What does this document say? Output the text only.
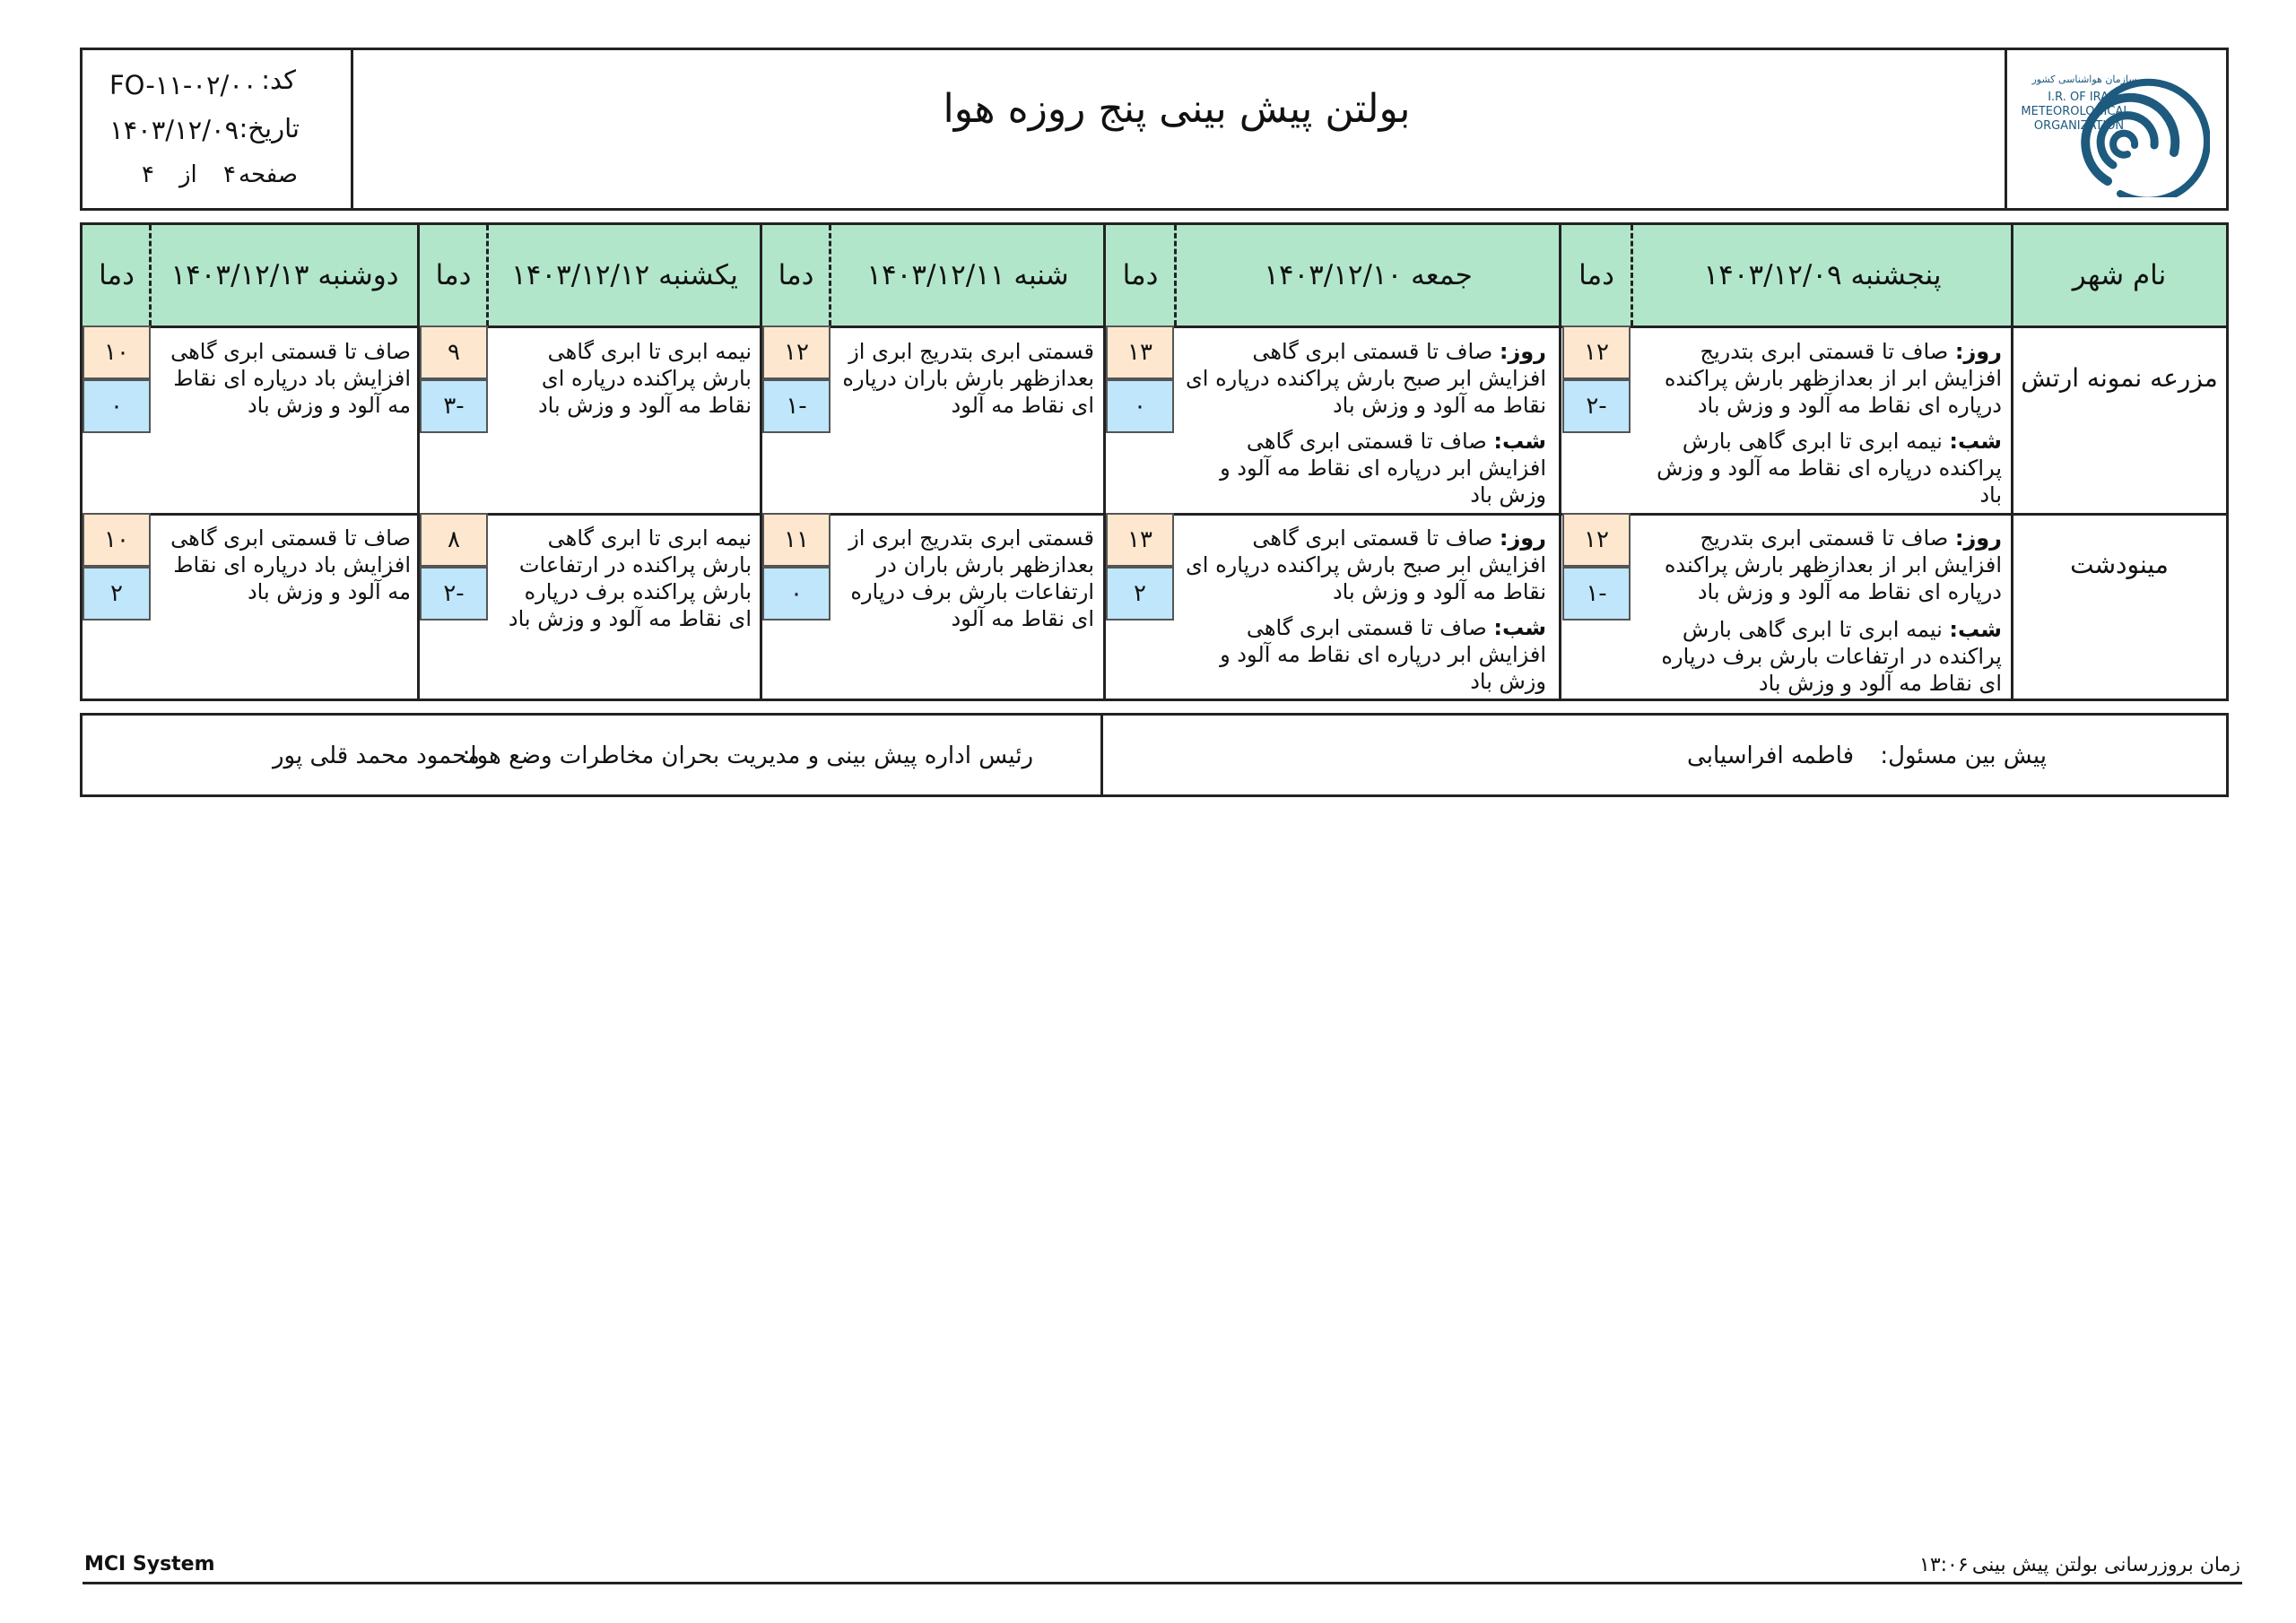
کد:
FO-۱۱-۰۲/۰۰
تاریخ:
۱۴۰۳/۱۲/۰۹
صفحه
۴
از
۴
بولتن پیش بینی پنج روزه هوا
سازمان هواشناسی کشور
I.R. OF IRAN
METEOROLOGICAL
ORGANIZATION
نام شهر
پنجشنبه ۱۴۰۳/۱۲/۰۹
دما
جمعه ۱۴۰۳/۱۲/۱۰
دما
شنبه ۱۴۰۳/۱۲/۱۱
دما
یکشنبه ۱۴۰۳/۱۲/۱۲
دما
دوشنبه ۱۴۰۳/۱۲/۱۳
دما
مزرعه نمونه ارتش
روز: صاف تا قسمتی ابری بتدریج افزایش ابر از بعدازظهر بارش پراکنده درپاره ای نقاط مه آلود و وزش باد
شب: نیمه ابری تا ابری گاهی بارش پراکنده درپاره ای نقاط مه آلود و وزش باد
۱۲
-۲
روز: صاف تا قسمتی ابری گاهی افزایش ابر صبح بارش پراکنده درپاره ای نقاط مه آلود و وزش باد
شب: صاف تا قسمتی ابری گاهی افزایش ابر درپاره ای نقاط مه آلود و وزش باد
۱۳
۰
قسمتی ابری بتدریج ابری از بعدازظهر بارش باران درپاره ای نقاط مه آلود
۱۲
-۱
نیمه ابری تا ابری گاهی بارش پراکنده درپاره ای نقاط مه آلود و وزش باد
۹
-۳
صاف تا قسمتی ابری گاهی افزایش باد درپاره ای نقاط مه آلود و وزش باد
۱۰
۰
مینودشت
روز: صاف تا قسمتی ابری بتدریج افزایش ابر از بعدازظهر بارش پراکنده درپاره ای نقاط مه آلود و وزش باد
شب: نیمه ابری تا ابری گاهی بارش پراکنده در ارتفاعات بارش برف درپاره ای نقاط مه آلود و وزش باد
۱۲
-۱
روز: صاف تا قسمتی ابری گاهی افزایش ابر صبح بارش پراکنده درپاره ای نقاط مه آلود و وزش باد
شب: صاف تا قسمتی ابری گاهی افزایش ابر درپاره ای نقاط مه آلود و وزش باد
۱۳
۲
قسمتی ابری بتدریج ابری از بعدازظهر بارش باران در ارتفاعات بارش برف درپاره ای نقاط مه آلود
۱۱
۰
نیمه ابری تا ابری گاهی بارش پراکنده در ارتفاعات بارش پراکنده برف درپاره ای نقاط مه آلود و وزش باد
۸
-۲
صاف تا قسمتی ابری گاهی افزایش باد درپاره ای نقاط مه آلود و وزش باد
۱۰
۲
پیش بین مسئول:
فاطمه افراسیابی
رئیس اداره پیش بینی و مدیریت بحران مخاطرات وضع هوا:
محمود محمد قلی پور
MCI System	زمان بروزرسانی بولتن پیش بینی
۱۳:۰۶
